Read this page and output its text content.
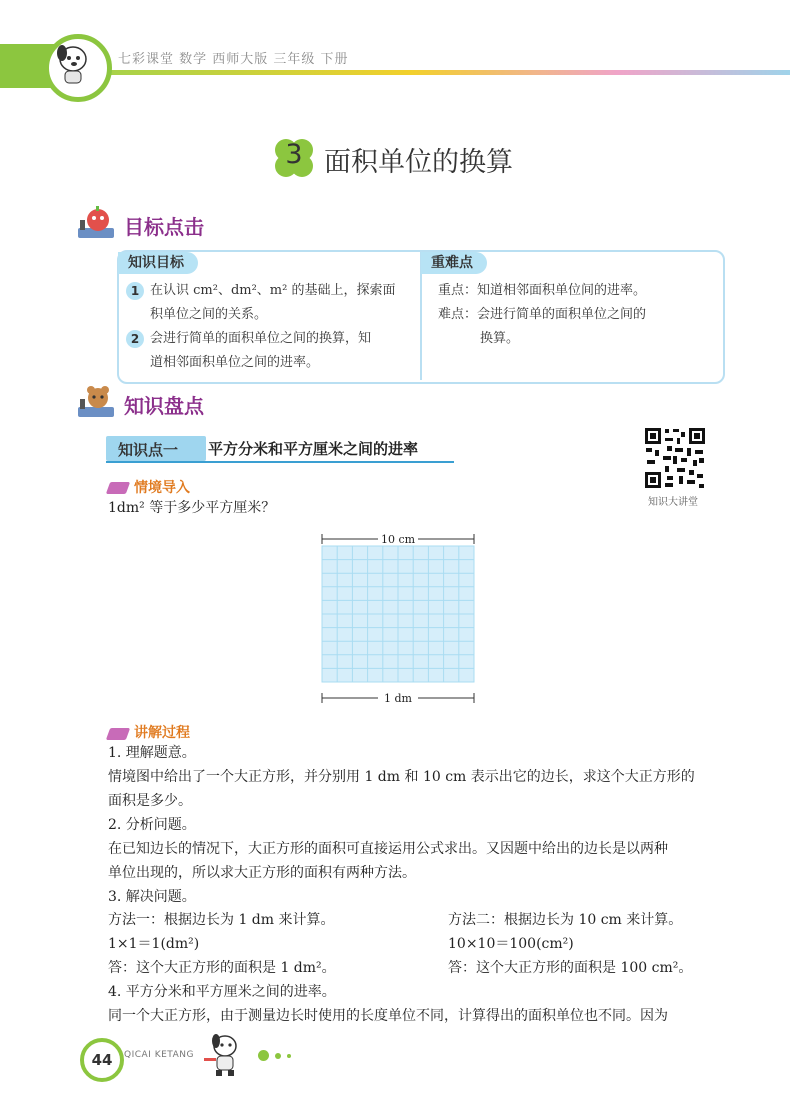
七彩课堂 数学 西师大版 三年级 下册
3 面积单位的换算
目标点击
知识目标	重难点
1 在认识 cm²、dm²、m² 的基础上，探索面
积单位之间的关系。
2 会进行简单的面积单位之间的换算，知
道相邻面积单位之间的进率。
重点：知道相邻面积单位间的进率。
难点：会进行简单的面积单位之间的
换算。
知识盘点
知识点一 平方分米和平方厘米之间的进率
知识大讲堂
情境导入
1dm² 等于多少平方厘米？
10 cm
1 dm
讲解过程
1. 理解题意。
情境图中给出了一个大正方形，并分别用 1 dm 和 10 cm 表示出它的边长，求这个大正方形的
面积是多少。
2. 分析问题。
在已知边长的情况下，大正方形的面积可直接运用公式求出。又因题中给出的边长是以两种
单位出现的，所以求大正方形的面积有两种方法。
3. 解决问题。
方法一：根据边长为 1 dm 来计算。
1×1＝1(dm²)
答：这个大正方形的面积是 1 dm²。
方法二：根据边长为 10 cm 来计算。
10×10＝100(cm²)
答：这个大正方形的面积是 100 cm²。
4. 平方分米和平方厘米之间的进率。
同一个大正方形，由于测量边长时使用的长度单位不同，计算得出的面积单位也不同。因为
44	QICAI KETANG
